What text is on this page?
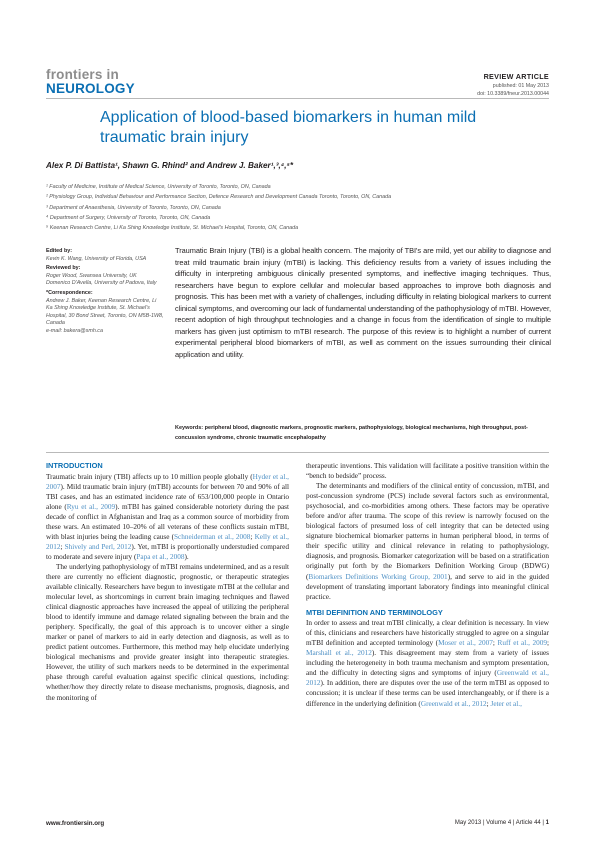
frontiers in
NEUROLOGY
REVIEW ARTICLE
published: 01 May 2013
doi: 10.3389/fneur.2013.00044
Application of blood-based biomarkers in human mild traumatic brain injury
Alex P. Di Battista¹, Shawn G. Rhind² and Andrew J. Baker¹,³,⁴,⁵*
¹ Faculty of Medicine, Institute of Medical Science, University of Toronto, Toronto, ON, Canada
² Physiology Group, Individual Behaviour and Performance Section, Defence Research and Development Canada Toronto, Toronto, ON, Canada
³ Department of Anaesthesia, University of Toronto, Toronto, ON, Canada
⁴ Department of Surgery, University of Toronto, Toronto, ON, Canada
⁵ Keenan Research Centre, Li Ka Shing Knowledge Institute, St. Michael's Hospital, Toronto, ON, Canada
Edited by:
Kevin K. Wang, University of Florida, USA
Reviewed by:
Roger Wood, Swansea University, UK
Domenico D'Avella, University of Padova, Italy
*Correspondence:
Andrew J. Baker, Keenan Research Centre, Li Ka Shing Knowledge Institute, St. Michael's Hospital, 30 Bond Street, Toronto, ON M5B-1W8, Canada
e-mail: bakera@smh.ca
Traumatic Brain Injury (TBI) is a global health concern. The majority of TBI's are mild, yet our ability to diagnose and treat mild traumatic brain injury (mTBI) is lacking. This deficiency results from a variety of issues including the difficulty in interpreting ambiguous clinically presented symptoms, and ineffective imaging techniques. Thus, researchers have begun to explore cellular and molecular based approaches to improve both diagnosis and prognosis. This has been met with a variety of challenges, including difficulty in relating biological markers to current clinical symptoms, and overcoming our lack of fundamental understanding of the pathophysiology of mTBI. However, recent adoption of high throughput technologies and a change in focus from the identification of single to multiple markers has given just optimism to mTBI research. The purpose of this review is to highlight a number of current experimental peripheral blood biomarkers of mTBI, as well as comment on the issues surrounding their clinical application and utility.
Keywords: peripheral blood, diagnostic markers, prognostic markers, pathophysiology, biological mechanisms, high throughput, post-concussion syndrome, chronic traumatic encephalopathy
INTRODUCTION

Traumatic brain injury (TBI) affects up to 10 million people globally (Hyder et al., 2007). Mild traumatic brain injury (mTBI) accounts for between 70 and 90% of all TBI cases, and has an estimated incidence rate of 653/100,000 people in Ontario alone (Ryu et al., 2009). mTBI has gained considerable notoriety during the past decade of conflict in Afghanistan and Iraq as a common source of morbidity from these wars. An estimated 10–20% of all veterans of these conflicts sustain mTBI, with blast injuries being the leading cause (Schneiderman et al., 2008; Kelly et al., 2012; Shively and Perl, 2012). Yet, mTBI is proportionally understudied compared to moderate and severe injury (Papa et al., 2008).

The underlying pathophysiology of mTBI remains undetermined, and as a result there are currently no efficient diagnostic, prognostic, or therapeutic strategies available clinically. Researchers have begun to investigate mTBI at the cellular and molecular level, as shortcomings in current brain imaging techniques and flawed clinical diagnostic approaches have increased the appeal of utilizing the peripheral blood to identify immune and damage related signaling between the brain and the periphery. Specifically, the goal of this approach is to uncover either a single marker or panel of markers to aid in early detection and diagnosis, as well as to predict patient outcomes. Furthermore, this method may help elucidate underlying biological mechanisms and provide greater insight into therapeutic strategies. However, the utility of such markers needs to be determined in the experimental phase through careful evaluation against specific clinical questions, including: whether/how they directly relate to disease mechanisms, prognosis, diagnosis, and the monitoring of

therapeutic inventions. This validation will facilitate a positive transition within the “bench to bedside” process.

The determinants and modifiers of the clinical entity of concussion, mTBI, and post-concussion syndrome (PCS) include several factors such as environmental, psychosocial, and co-morbidities among others. These factors may be operative before and/or after trauma. The scope of this review is narrowly focused on the biological factors of presumed loss of cell integrity that can be detected using signature biochemical biomarker patterns in human peripheral blood, in terms of their specific utility and clinical relevance in relating to pathophysiology, diagnosis, and prognosis. Biomarker categorization will be based on a stratification originally put forth by the Biomarkers Definition Working Group (BDWG) (Biomarkers Definitions Working Group, 2001), and serve to aid in the guided development of translating important laboratory findings into meaningful clinical practice.

MTBI DEFINITION AND TERMINOLOGY

In order to assess and treat mTBI clinically, a clear definition is necessary. In view of this, clinicians and researchers have historically struggled to agree on a singular mTBI definition and accepted terminology (Moser et al., 2007; Ruff et al., 2009; Marshall et al., 2012). This disagreement may stem from a variety of issues including the heterogeneity in both trauma mechanism and symptom presentation, and the difficulty in detecting signs and symptoms of injury (Greenwald et al., 2012). In addition, there are disputes over the use of the term mTBI as opposed to concussion; it is unclear if these terms can be used interchangeably, or if there is a difference in the underlying definition (Greenwald et al., 2012; Jeter et al.,

www.frontiersin.org	May 2013 | Volume 4 | Article 44 | 1
